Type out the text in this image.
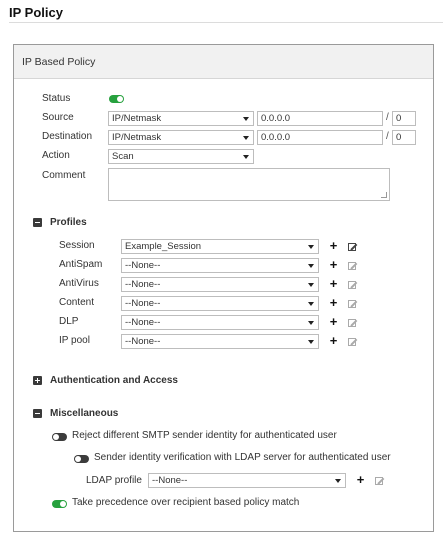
IP Policy
IP Based Policy
Status
Source	IP/Netmask	0.0.0.0	/ 0
Destination	IP/Netmask	0.0.0.0	/ 0
Action	Scan
Comment
Profiles
Session	Example_Session	+
AntiSpam	--None--	+
AntiVirus	--None--	+
Content	--None--	+
DLP	--None--	+
IP pool	--None--	+
Authentication and Access
Miscellaneous
Reject different SMTP sender identity for authenticated user
Sender identity verification with LDAP server for authenticated user
LDAP profile	--None--	+
Take precedence over recipient based policy match
